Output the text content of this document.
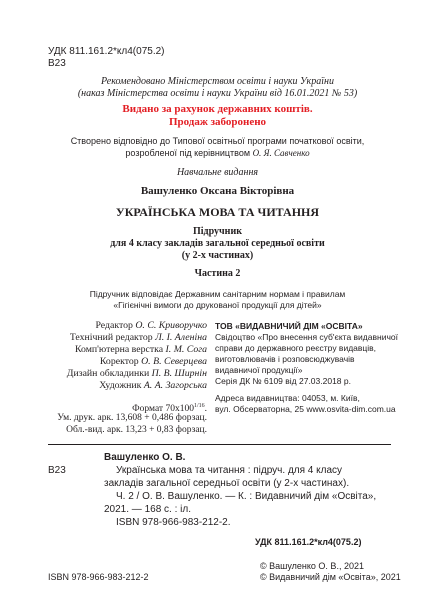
УДК 811.161.2*кл4(075.2)
В23
Рекомендовано Міністерством освіти і науки України
(наказ Міністерства освіти і науки України від 16.01.2021 № 53)
Видано за рахунок державних коштів.
Продаж заборонено
Створено відповідно до Типової освітньої програми початкової освіти,
розробленої під керівництвом О. Я. Савченко
Навчальне видання
Вашуленко Оксана Вікторівна
УКРАЇНСЬКА МОВА ТА ЧИТАННЯ
Підручник
для 4 класу закладів загальної середньої освіти
(у 2-х частинах)
Частина 2
Підручник відповідає Державним санітарним нормам і правилам
«Гігієнічні вимоги до друкованої продукції для дітей»
Редактор О. С. Криворучко
Технічний редактор Л. І. Аленіна
Комп'ютерна верстка І. М. Сога
Коректор О. В. Северцева
Дизайн обкладинки П. В. Ширнін
Художник А. А. Загорська
Формат $70х100^{1/16}$.
Ум. друк. арк. 13,608 + 0,486 форзац.
Обл.-вид. арк. 13,23 + 0,83 форзац.
ТОВ «ВИДАВНИЧИЙ ДІМ «ОСВІТА»
Свідоцтво «Про внесення суб'єкта видавничої
справи до державного реєстру видавців,
виготовлювачів і розповсюджувачів
видавничої продукції»
Серія ДК № 6109 від 27.03.2018 р.
Адреса видавництва: 04053, м. Київ,
вул. Обсерваторна, 25 www.osvita-dim.com.ua
Вашуленко О. В.
В23	Українська мова та читання : підруч. для 4 класу
закладів загальної середньої освіти (у 2-х частинах).
Ч. 2 / О. В. Вашуленко. — К. : Видавничий дім «Освіта»,
2021. — 168 с. : іл.
ISBN 978-966-983-212-2.
УДК 811.161.2*кл4(075.2)
© Вашуленко О. В., 2021
ISBN 978-966-983-212-2	© Видавничий дім «Освіта», 2021
